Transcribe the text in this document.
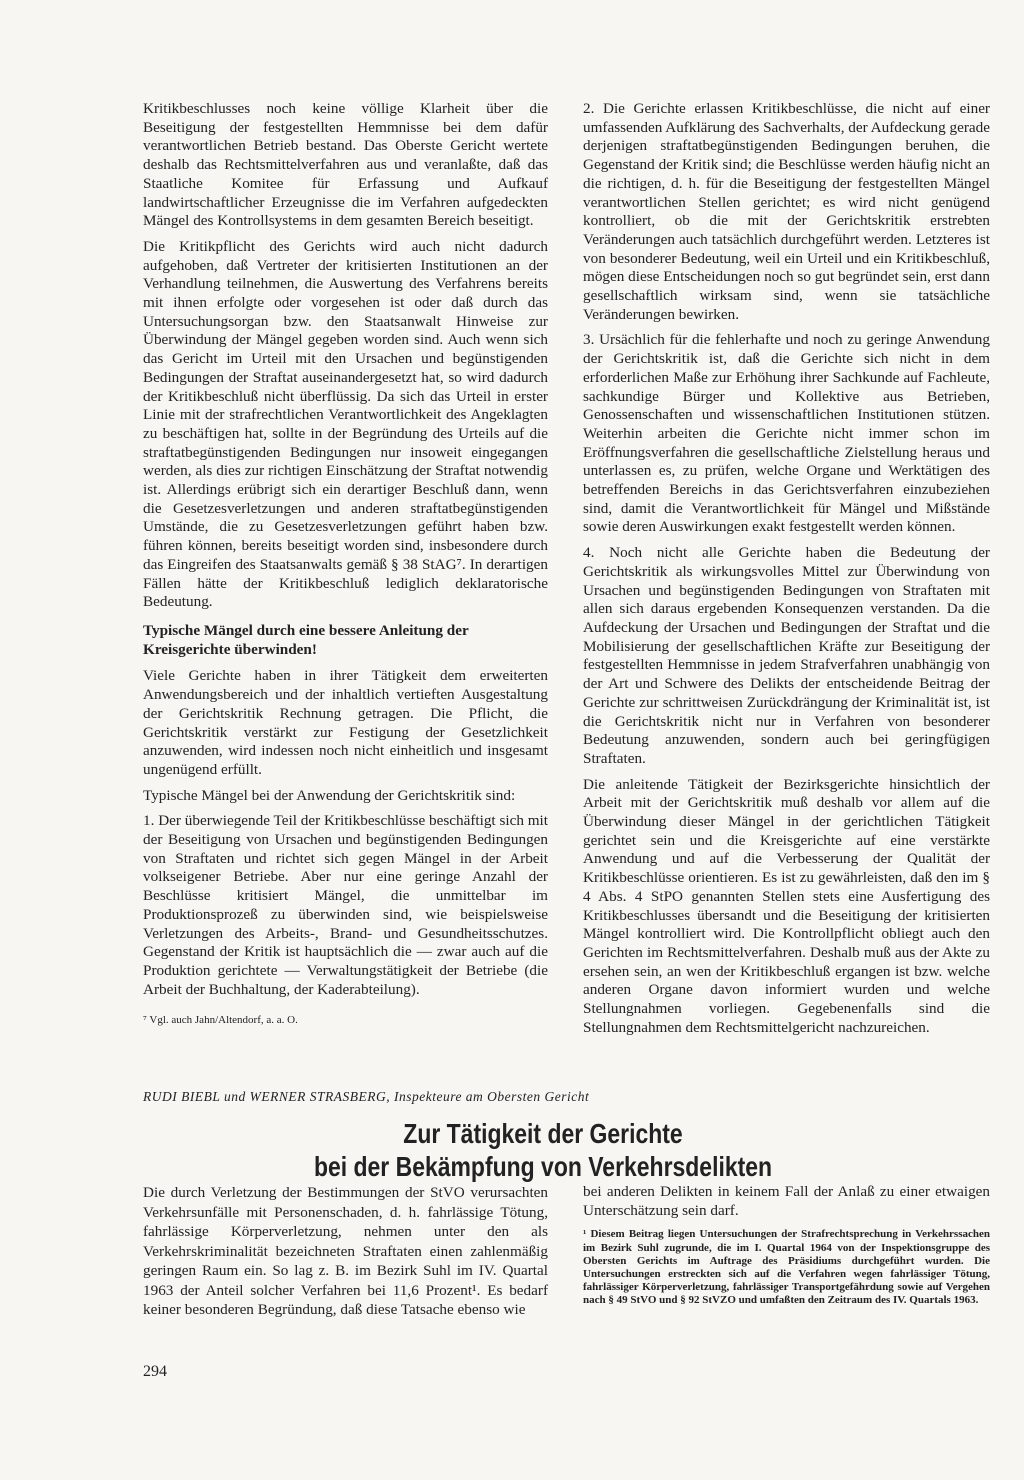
Kritikbeschlusses noch keine völlige Klarheit über die Beseitigung der festgestellten Hemmnisse bei dem dafür verantwortlichen Betrieb bestand. Das Oberste Gericht wertete deshalb das Rechtsmittelverfahren aus und veranlaßte, daß das Staatliche Komitee für Erfassung und Aufkauf landwirtschaftlicher Erzeugnisse die im Verfahren aufgedeckten Mängel des Kontrollsystems in dem gesamten Bereich beseitigt.

Die Kritikpflicht des Gerichts wird auch nicht dadurch aufgehoben, daß Vertreter der kritisierten Institutionen an der Verhandlung teilnehmen, die Auswertung des Verfahrens bereits mit ihnen erfolgte oder vorgesehen ist oder daß durch das Untersuchungsorgan bzw. den Staatsanwalt Hinweise zur Überwindung der Mängel gegeben worden sind. Auch wenn sich das Gericht im Urteil mit den Ursachen und begünstigenden Bedingungen der Straftat auseinandergesetzt hat, so wird dadurch der Kritikbeschluß nicht überflüssig. Da sich das Urteil in erster Linie mit der strafrechtlichen Verantwortlichkeit des Angeklagten zu beschäftigen hat, sollte in der Begründung des Urteils auf die straftatbegünstigenden Bedingungen nur insoweit eingegangen werden, als dies zur richtigen Einschätzung der Straftat notwendig ist. Allerdings erübrigt sich ein derartiger Beschluß dann, wenn die Gesetzesverletzungen und anderen straftatbegünstigenden Umstände, die zu Gesetzesverletzungen geführt haben bzw. führen können, bereits beseitigt worden sind, insbesondere durch das Eingreifen des Staatsanwalts gemäß § 38 StAG⁷. In derartigen Fällen hätte der Kritikbeschluß lediglich deklaratorische Bedeutung.

Typische Mängel durch eine bessere Anleitung der Kreisgerichte überwinden!

Viele Gerichte haben in ihrer Tätigkeit dem erweiterten Anwendungsbereich und der inhaltlich vertieften Ausgestaltung der Gerichtskritik Rechnung getragen. Die Pflicht, die Gerichtskritik verstärkt zur Festigung der Gesetzlichkeit anzuwenden, wird indessen noch nicht einheitlich und insgesamt ungenügend erfüllt.

Typische Mängel bei der Anwendung der Gerichtskritik sind:

1. Der überwiegende Teil der Kritikbeschlüsse beschäftigt sich mit der Beseitigung von Ursachen und begünstigenden Bedingungen von Straftaten und richtet sich gegen Mängel in der Arbeit volkseigener Betriebe. Aber nur eine geringe Anzahl der Beschlüsse kritisiert Mängel, die unmittelbar im Produktionsprozeß zu überwinden sind, wie beispielsweise Verletzungen des Arbeits-, Brand- und Gesundheitsschutzes. Gegenstand der Kritik ist hauptsächlich die — zwar auch auf die Produktion gerichtete — Verwaltungstätigkeit der Betriebe (die Arbeit der Buchhaltung, der Kaderabteilung).

⁷ Vgl. auch Jahn/Altendorf, a. a. O.

2. Die Gerichte erlassen Kritikbeschlüsse, die nicht auf einer umfassenden Aufklärung des Sachverhalts, der Aufdeckung gerade derjenigen straftatbegünstigenden Bedingungen beruhen, die Gegenstand der Kritik sind; die Beschlüsse werden häufig nicht an die richtigen, d. h. für die Beseitigung der festgestellten Mängel verantwortlichen Stellen gerichtet; es wird nicht genügend kontrolliert, ob die mit der Gerichtskritik erstrebten Veränderungen auch tatsächlich durchgeführt werden. Letzteres ist von besonderer Bedeutung, weil ein Urteil und ein Kritikbeschluß, mögen diese Entscheidungen noch so gut begründet sein, erst dann gesellschaftlich wirksam sind, wenn sie tatsächliche Veränderungen bewirken.

3. Ursächlich für die fehlerhafte und noch zu geringe Anwendung der Gerichtskritik ist, daß die Gerichte sich nicht in dem erforderlichen Maße zur Erhöhung ihrer Sachkunde auf Fachleute, sachkundige Bürger und Kollektive aus Betrieben, Genossenschaften und wissenschaftlichen Institutionen stützen. Weiterhin arbeiten die Gerichte nicht immer schon im Eröffnungsverfahren die gesellschaftliche Zielstellung heraus und unterlassen es, zu prüfen, welche Organe und Werktätigen des betreffenden Bereichs in das Gerichtsverfahren einzubeziehen sind, damit die Verantwortlichkeit für Mängel und Mißstände sowie deren Auswirkungen exakt festgestellt werden können.

4. Noch nicht alle Gerichte haben die Bedeutung der Gerichtskritik als wirkungsvolles Mittel zur Überwindung von Ursachen und begünstigenden Bedingungen von Straftaten mit allen sich daraus ergebenden Konsequenzen verstanden. Da die Aufdeckung der Ursachen und Bedingungen der Straftat und die Mobilisierung der gesellschaftlichen Kräfte zur Beseitigung der festgestellten Hemmnisse in jedem Strafverfahren unabhängig von der Art und Schwere des Delikts der entscheidende Beitrag der Gerichte zur schrittweisen Zurückdrängung der Kriminalität ist, ist die Gerichtskritik nicht nur in Verfahren von besonderer Bedeutung anzuwenden, sondern auch bei geringfügigen Straftaten.

Die anleitende Tätigkeit der Bezirksgerichte hinsichtlich der Arbeit mit der Gerichtskritik muß deshalb vor allem auf die Überwindung dieser Mängel in der gerichtlichen Tätigkeit gerichtet sein und die Kreisgerichte auf eine verstärkte Anwendung und auf die Verbesserung der Qualität der Kritikbeschlüsse orientieren. Es ist zu gewährleisten, daß den im § 4 Abs. 4 StPO genannten Stellen stets eine Ausfertigung des Kritikbeschlusses übersandt und die Beseitigung der kritisierten Mängel kontrolliert wird. Die Kontrollpflicht obliegt auch den Gerichten im Rechtsmittelverfahren. Deshalb muß aus der Akte zu ersehen sein, an wen der Kritikbeschluß ergangen ist bzw. welche anderen Organe davon informiert wurden und welche Stellungnahmen vorliegen. Gegebenenfalls sind die Stellungnahmen dem Rechtsmittelgericht nachzureichen.

RUDI BIEBL und WERNER STRASBERG, Inspekteure am Obersten Gericht
Zur Tätigkeit der Gerichte
bei der Bekämpfung von Verkehrsdelikten

Die durch Verletzung der Bestimmungen der StVO verursachten Verkehrsunfälle mit Personenschaden, d. h. fahrlässige Tötung, fahrlässige Körperverletzung, nehmen unter den als Verkehrskriminalität bezeichneten Straftaten einen zahlenmäßig geringen Raum ein. So lag z. B. im Bezirk Suhl im IV. Quartal 1963 der Anteil solcher Verfahren bei 11,6 Prozent¹. Es bedarf keiner besonderen Begründung, daß diese Tatsache ebenso wie

bei anderen Delikten in keinem Fall der Anlaß zu einer etwaigen Unterschätzung sein darf.

¹ Diesem Beitrag liegen Untersuchungen der Strafrechtsprechung in Verkehrssachen im Bezirk Suhl zugrunde, die im I. Quartal 1964 von der Inspektionsgruppe des Obersten Gerichts im Auftrage des Präsidiums durchgeführt wurden. Die Untersuchungen erstreckten sich auf die Verfahren wegen fahrlässiger Tötung, fahrlässiger Körperverletzung, fahrlässiger Transportgefährdung sowie auf Vergehen nach § 49 StVO und § 92 StVZO und umfaßten den Zeitraum des IV. Quartals 1963.

294
